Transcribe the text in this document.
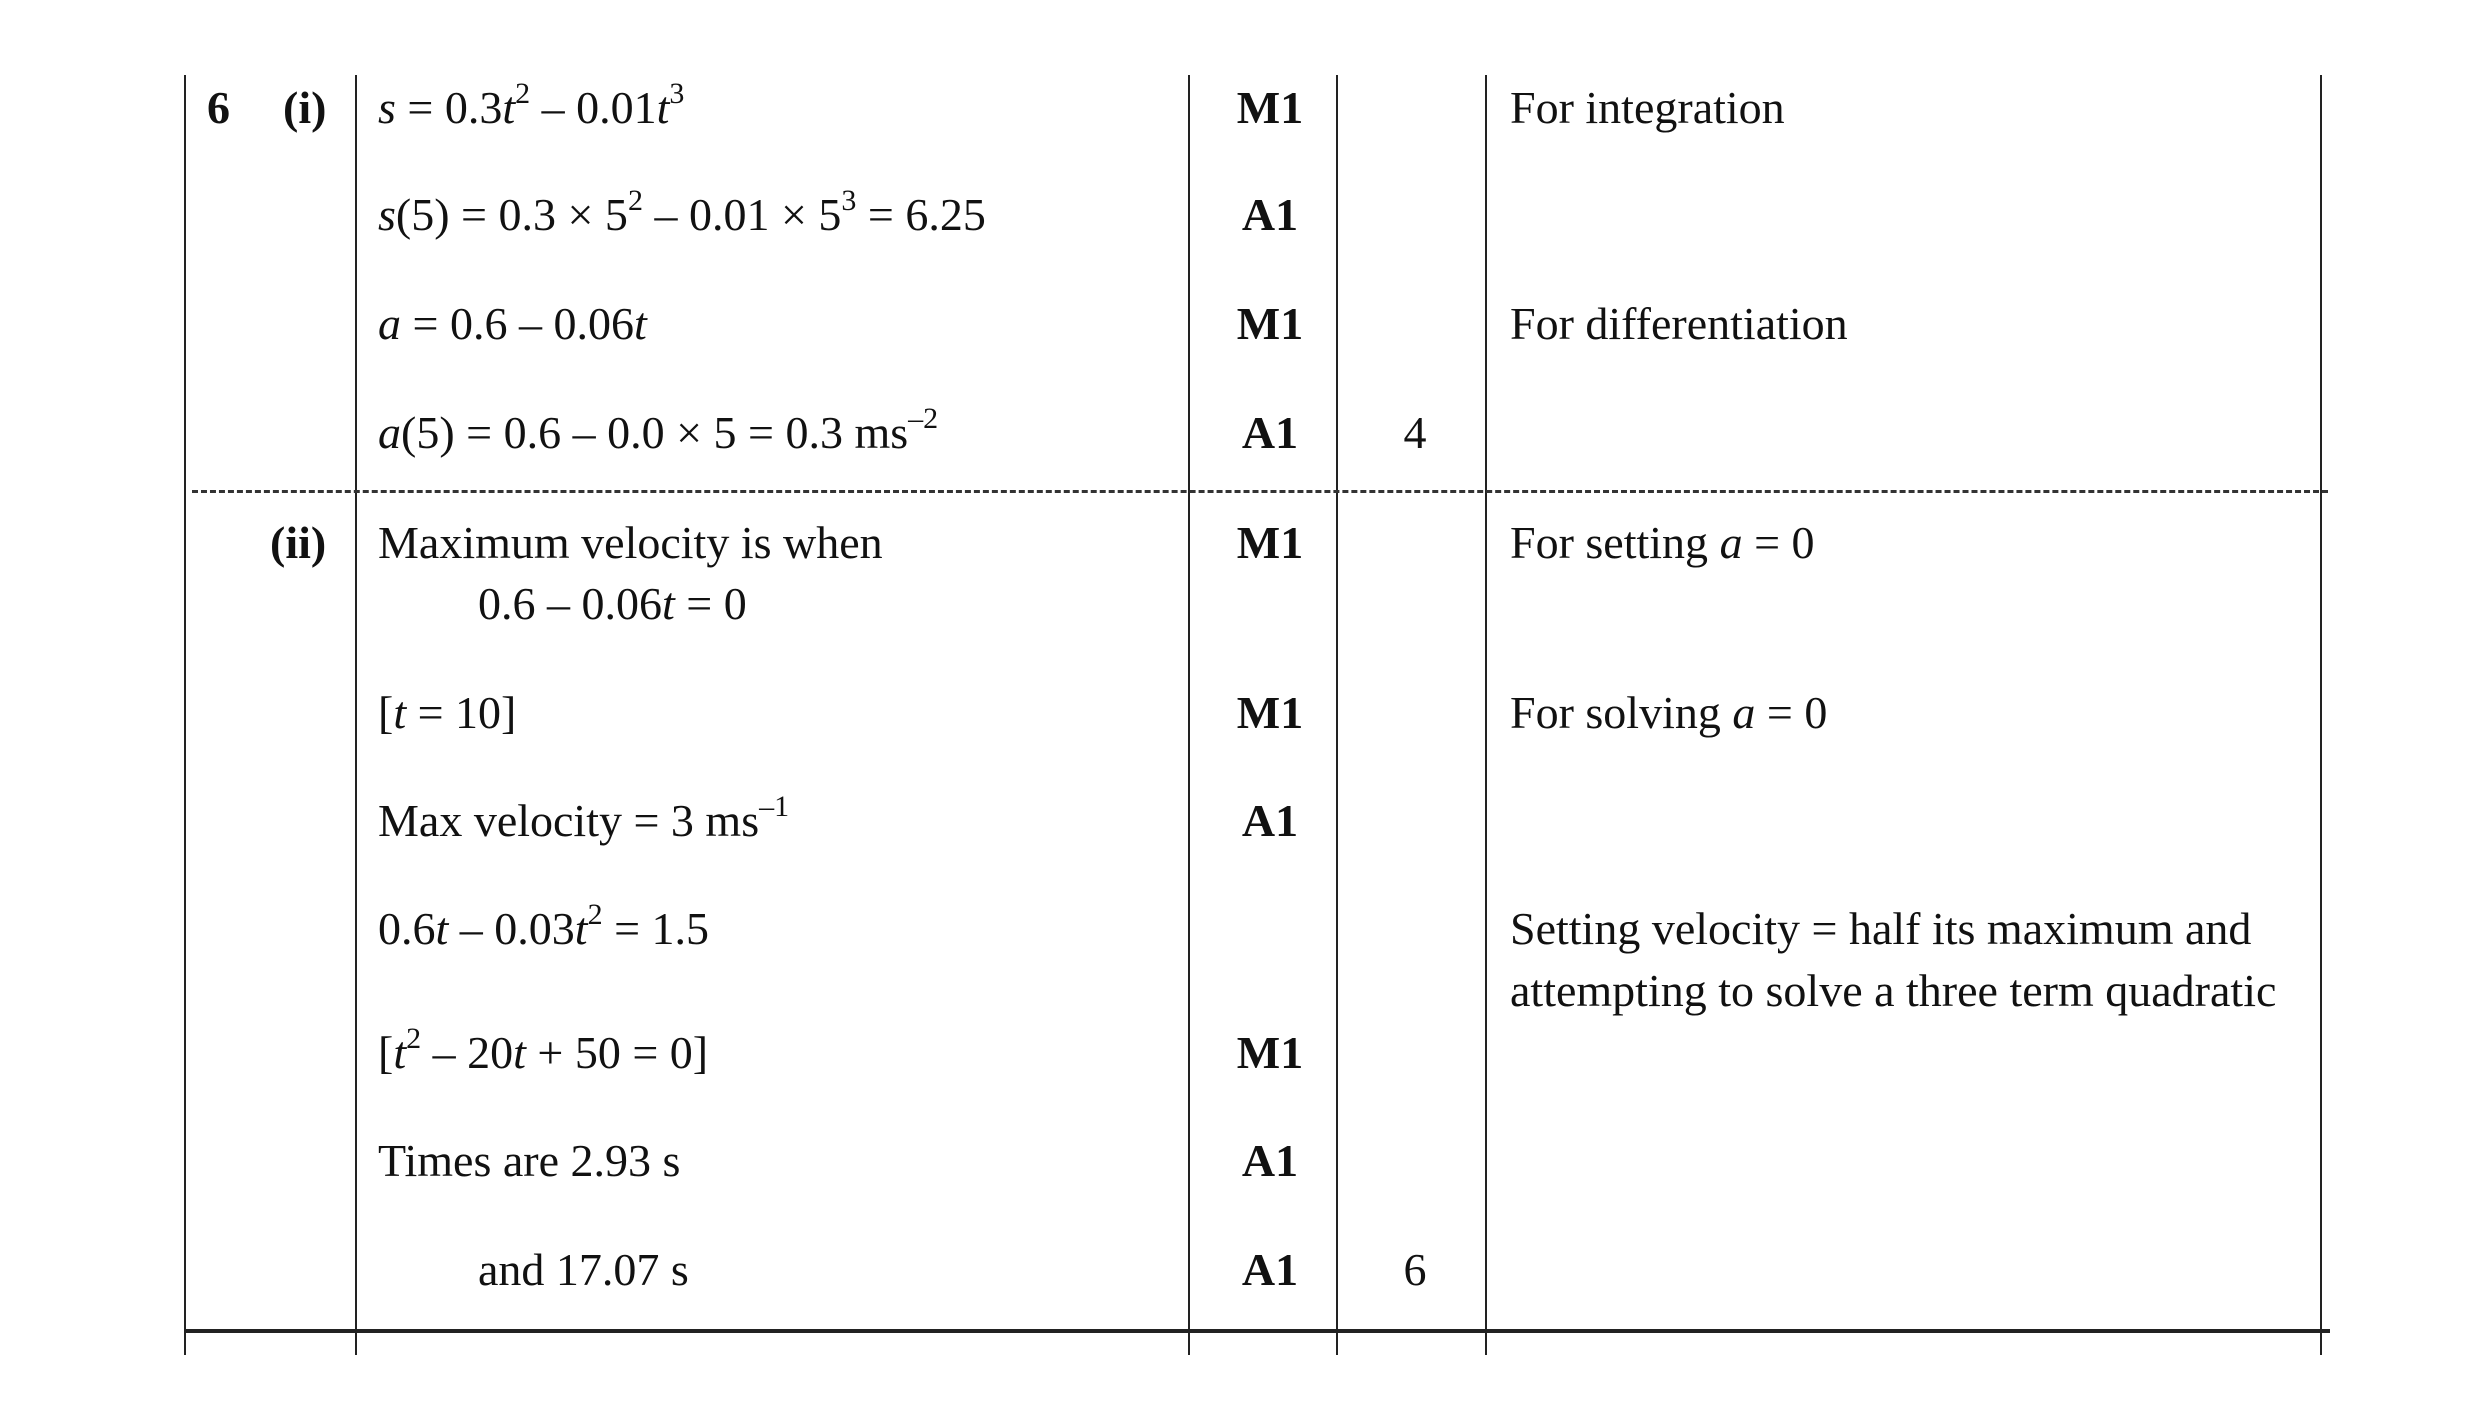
6 (i)
(ii)
$s = 0.3t^2 - 0.01t^3$
$s(5) = 0.3 \times 5^2 - 0.01 \times 5^3 = 6.25$
a = 0.6 – 0.06t
a(5) = 0.6 – 0.0 × 5 = 0.3 $ms^{-2}$
M1
A1
M1
A1	4
For integration
For differentiation
Maximum velocity is when
0.6 – 0.06t = 0
[t = 10]
Max velocity = 3 $ms^{-1}$
$0.6t - 0.03t^2 = 1.5$
$[t^2 - 20t + 50 = 0]$
Times are 2.93 s
and 17.07 s
M1
M1
A1
M1
A1
A1	6
For setting a = 0
For solving a = 0
Setting velocity = half its maximum and
attempting to solve a three term quadratic
